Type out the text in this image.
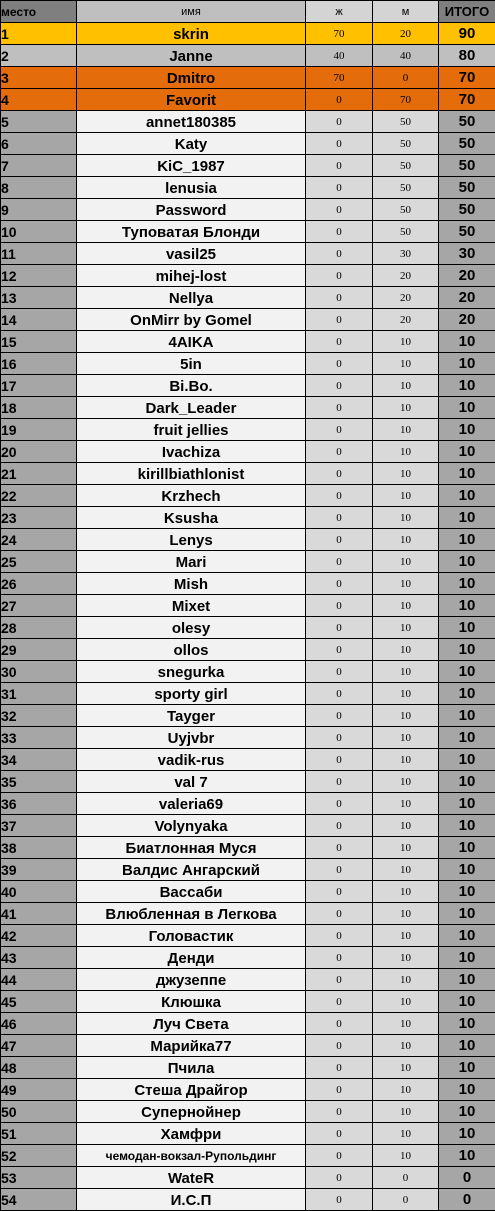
место	имя	ж	м	ИТОГО
1	skrin	70	20	90
2	Janne	40	40	80
3	Dmitro	70	0	70
4	Favorit	0	70	70
5	annet180385	0	50	50
6	Katy	0	50	50
7	KiC_1987	0	50	50
8	lenusia	0	50	50
9	Password	0	50	50
10	Туповатая Блонди	0	50	50
11	vasil25	0	30	30
12	mihej-lost	0	20	20
13	Nellya	0	20	20
14	OnMirr by Gomel	0	20	20
15	4AIKA	0	10	10
16	5in	0	10	10
17	Bi.Bo.	0	10	10
18	Dark_Leader	0	10	10
19	fruit jellies	0	10	10
20	Ivachiza	0	10	10
21	kirillbiathlonist	0	10	10
22	Krzhech	0	10	10
23	Ksusha	0	10	10
24	Lenys	0	10	10
25	Mari	0	10	10
26	Mish	0	10	10
27	Mixet	0	10	10
28	olesy	0	10	10
29	ollos	0	10	10
30	snegurka	0	10	10
31	sporty girl	0	10	10
32	Tayger	0	10	10
33	Uyjvbr	0	10	10
34	vadik-rus	0	10	10
35	val 7	0	10	10
36	valeria69	0	10	10
37	Volynyaka	0	10	10
38	Биатлонная Муся	0	10	10
39	Валдис Ангарский	0	10	10
40	Вассаби	0	10	10
41	Влюбленная в Легкова	0	10	10
42	Головастик	0	10	10
43	Денди	0	10	10
44	джузеппе	0	10	10
45	Клюшка	0	10	10
46	Луч Света	0	10	10
47	Марийка77	0	10	10
48	Пчила	0	10	10
49	Стеша Драйгор	0	10	10
50	Супернойнер	0	10	10
51	Хамфри	0	10	10
52	чемодан-вокзал-Рупольдинг	0	10	10
53	WateR	0	0	0
54	И.С.П	0	0	0
